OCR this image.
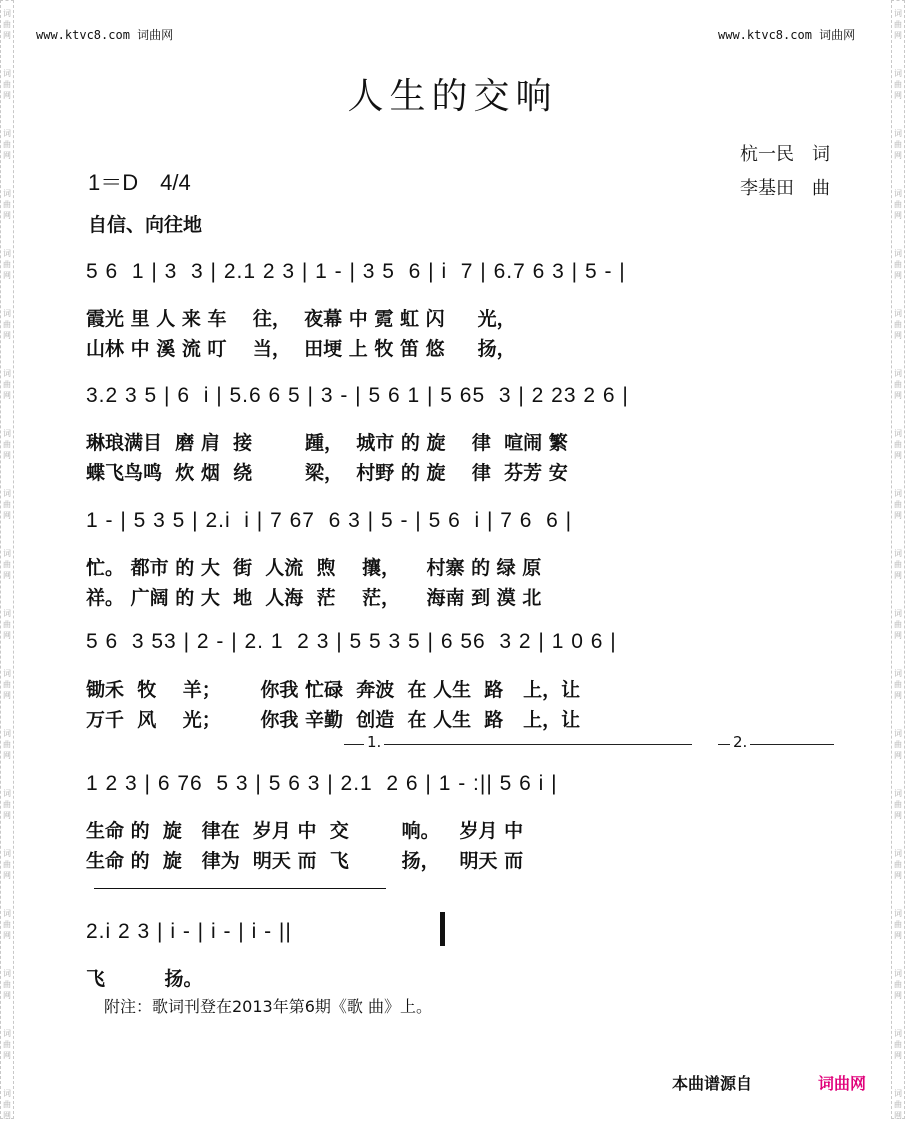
www.ktvc8.com 词曲网	www.ktvc8.com 词曲网
人生的交响
杭一民　词
李基田　曲
1＝D　4/4
自信、向往地
5 6  1 | 3  3 | 2.1 2 3 | 1 - | 3 5  6 | i  7 | 6.7 6 3 | 5 - |
霞光 里 人 来 车    往，  夜幕 中 霓 虹 闪     光，
山林 中 溪 流 叮    当，  田埂 上 牧 笛 悠     扬，
3.2 3 5 | 6  i | 5.6 6 5 | 3 - | 5 6 1 | 5 65  3 | 2 23 2 6 |
琳琅满目  磨 肩  接        踵，  城市 的 旋    律  喧闹 繁
蝶飞鸟鸣  炊 烟  绕        梁，  村野 的 旋    律  芬芳 安
1 - | 5 3 5 | 2.i  i | 7 67  6 3 | 5 - | 5 6  i | 7 6  6 |
忙。 都市 的 大  街  人流  煦    攘，    村寨 的 绿 原
祥。 广阔 的 大  地  人海  茫    茫，    海南 到 漠 北
5 6  3 53 | 2 - | 2. 1  2 3 | 5 5 3 5 | 6 56  3 2 | 1 0 6 |
锄禾  牧    羊；      你我 忙碌  奔波  在 人生  路   上，让
万千  风    光；      你我 辛勤  创造  在 人生  路   上，让
1.	2.
1 2 3 | 6 76  5 3 | 5 6 3 | 2.1  2 6 | 1 - :|| 5 6 i |
生命 的  旋   律在  岁月 中  交        响。   岁月 中
生命 的  旋   律为  明天 而  飞        扬，   明天 而
2.i 2 3 | i - | i - | i - ||
飞         扬。
附注：歌词刊登在2013年第6期《歌 曲》上。
本曲谱源自	词曲网
词
曲
网
词
曲
网
词
曲
网
词
曲
网
词
曲
网
词
曲
网
词
曲
网
词
曲
网
词
曲
网
词
曲
网
词
曲
网
词
曲
网
词
曲
网
词
曲
网
词
曲
网
词
曲
网
词
曲
网
词
曲
网
词
曲
网
词
曲
网
词
曲
网
词
曲
网
词
曲
网
词
曲
网
词
曲
网
词
曲
网
词
曲
网
词
曲
网
词
曲
网
词
曲
网
词
曲
网
词
曲
网
词
曲
网
词
曲
网
词
曲
网
词
曲
网
词
曲
网
词
曲
网
